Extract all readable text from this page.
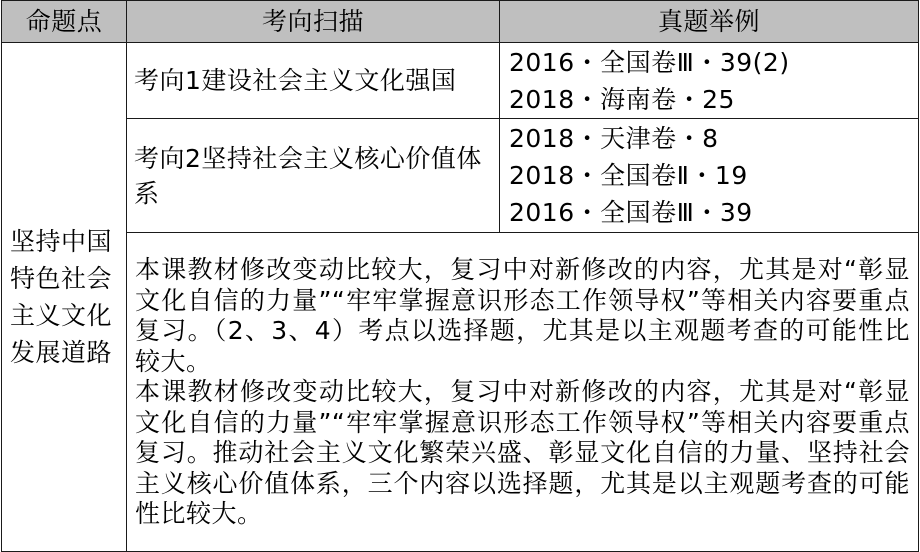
命题点	考向扫描	真题举例
坚持中国特色社会主义文化发展道路	考向1建设社会主义文化强国	2016・全国卷Ⅲ・39(2)
2018・海南卷・25

	考向2坚持社会主义核心价值体系	2018・天津卷・8
2018・全国卷Ⅱ・19
2016・全国卷Ⅲ・39

	本课教材修改变动比较大，复习中对新修改的内容，尤其是对“彰显文化自信的力量”“牢牢掌握意识形态工作领导权”等相关内容要重点复习。（2、3、4）考点以选择题，尤其是以主观题考查的可能性比较大。

本课教材修改变动比较大，复习中对新修改的内容，尤其是对“彰显文化自信的力量”“牢牢掌握意识形态工作领导权”等相关内容要重点复习。推动社会主义文化繁荣兴盛、彰显文化自信的力量、坚持社会主义核心价值体系，三个内容以选择题，尤其是以主观题考查的可能性比较大。	
